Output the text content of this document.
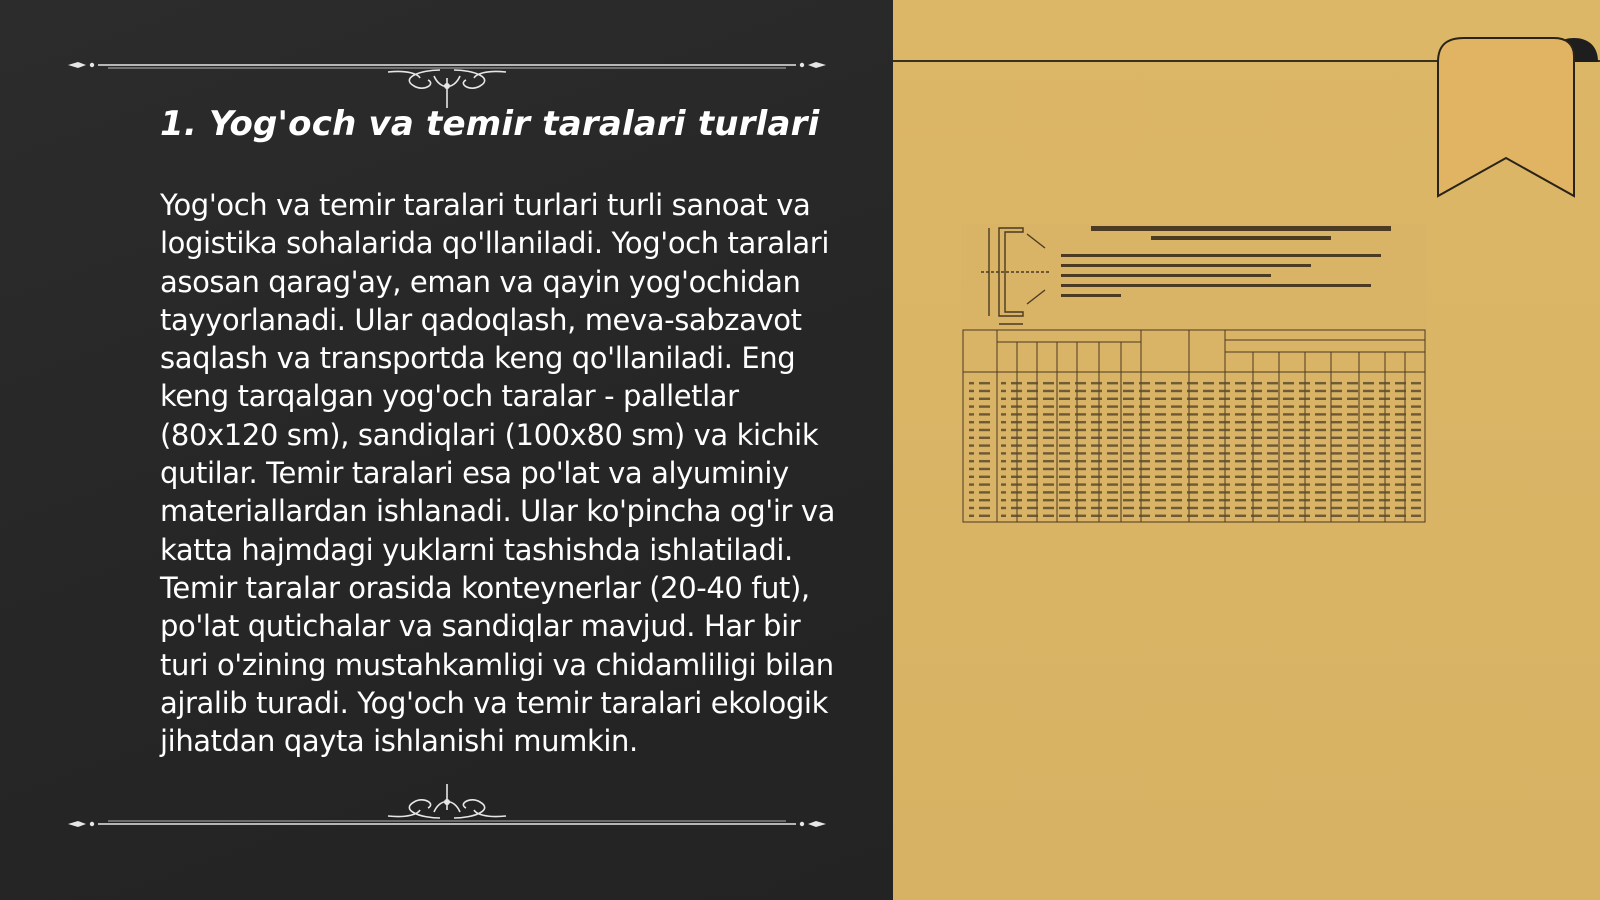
1. Yog'och va temir taralari turlari

Yog'och va temir taralari turlari turli sanoat va logistika sohalarida qo'llaniladi. Yog'och taralari asosan qarag'ay, eman va qayin yog'ochidan tayyorlanadi. Ular qadoqlash, meva-sabzavot saqlash va transportda keng qo'llaniladi. Eng keng tarqalgan yog'och taralar - palletlar (80x120 sm), sandiqlari (100x80 sm) va kichik qutilar. Temir taralari esa po'lat va alyuminiy materiallardan ishlanadi. Ular ko'pincha og'ir va katta hajmdagi yuklarni tashishda ishlatiladi. Temir taralar orasida konteynerlar (20-40 fut), po'lat qutichalar va sandiqlar mavjud. Har bir turi o'zining mustahkamligi va chidamliligi bilan ajralib turadi. Yog'och va temir taralari ekologik jihatdan qayta ishlanishi mumkin.
